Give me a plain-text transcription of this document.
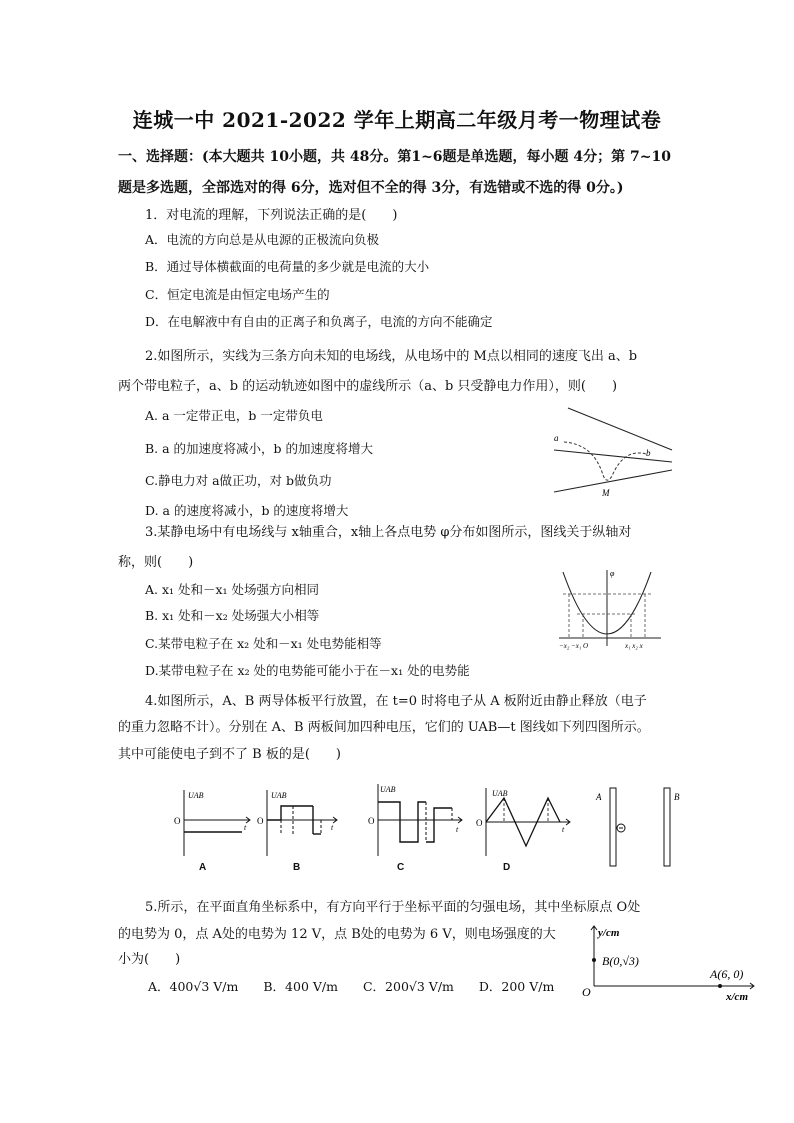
连城一中 2021-2022 学年上期高二年级月考一物理试卷
一、选择题：(本大题共 10小题，共 48分。第1~6题是单选题，每小题 4分；第 7~10
题是多选题，全部选对的得 6分，选对但不全的得 3分，有选错或不选的得 0分。)
1．对电流的理解，下列说法正确的是(　　)
A．电流的方向总是从电源的正极流向负极
B．通过导体横截面的电荷量的多少就是电流的大小
C．恒定电流是由恒定电场产生的
D．在电解液中有自由的正离子和负离子，电流的方向不能确定
2.如图所示，实线为三条方向未知的电场线，从电场中的 M点以相同的速度飞出 a、b
两个带电粒子，a、b 的运动轨迹如图中的虚线所示（a、b 只受静电力作用），则(　　)
A. a 一定带正电，b 一定带负电
B. a 的加速度将减小，b 的加速度将增大
C.静电力对 a做正功，对 b做负功
D. a 的速度将减小，b 的速度将增大
a
b
M
3.某静电场中有电场线与 x轴重合，x轴上各点电势 φ分布如图所示，图线关于纵轴对
称，则(　　)
A. x₁ 处和－x₁ 处场强方向相同
B. x₁ 处和－x₂ 处场强大小相等
C.某带电粒子在 x₂ 处和－x₁ 处电势能相等
D.某带电粒子在 x₂ 处的电势能可能小于在－x₁ 处的电势能
φ
−x₂ −x₁ O	x₁ x₂ x
4.如图所示，A、B 两导体板平行放置，在 t=0 时将电子从 A 板附近由静止释放（电子
的重力忽略不计）。分别在 A、B 两板间加四种电压，它们的 UAB—t 图线如下列四图所示。
其中可能使电子到不了 B 板的是(　　)
UAB
O
t
A
UAB
O
t
B
UAB
O
t
C
UAB
O
t
D
A	B
5.所示，在平面直角坐标系中，有方向平行于坐标平面的匀强电场，其中坐标原点 O处
的电势为 0，点 A处的电势为 12 V，点 B处的电势为 6 V，则电场强度的大
小为(　　)
A．400√3 V/m　　B．400 V/m　　C．200√3 V/m　　D．200 V/m
y/cm
B(0,√3)
A(6, 0)
O	x/cm
